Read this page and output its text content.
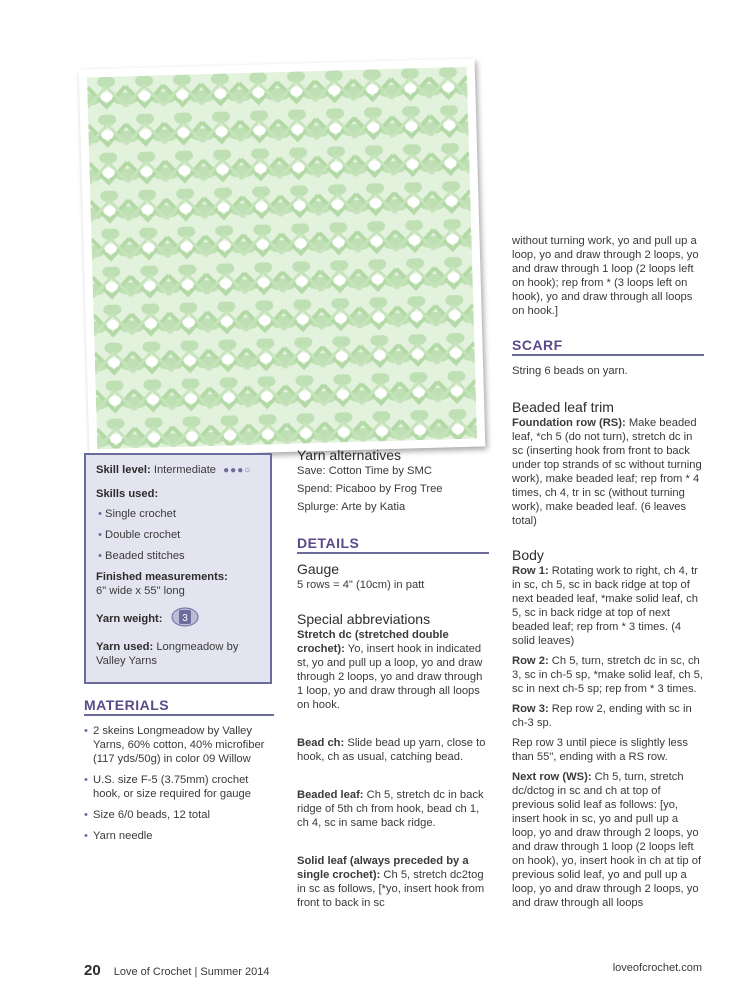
Skill level: Intermediate ●●●○
Skills used:
• Single crochet
• Double crochet
• Beaded stitches
Finished measurements:
6" wide x 55" long
Yarn weight: 3
Yarn used: Longmeadow by Valley Yarns
MATERIALS
• 2 skeins Longmeadow by Valley Yarns, 60% cotton, 40% microfiber (117 yds/50g) in color 09 Willow
• U.S. size F-5 (3.75mm) crochet hook, or size required for gauge
• Size 6/0 beads, 12 total
• Yarn needle
Yarn alternatives
Save: Cotton Time by SMC
Spend: Picaboo by Frog Tree
Splurge: Arte by Katia
DETAILS
Gauge
5 rows = 4" (10cm) in patt
Special abbreviations
Stretch dc (stretched double crochet): Yo, insert hook in indicated st, yo and pull up a loop, yo and draw through 2 loops, yo and draw through 1 loop, yo and draw through all loops on hook.
Bead ch: Slide bead up yarn, close to hook, ch as usual, catching bead.
Beaded leaf: Ch 5, stretch dc in back ridge of 5th ch from hook, bead ch 1, ch 4, sc in same back ridge.
Solid leaf (always preceded by a single crochet): Ch 5, stretch dc2tog in sc as follows, [*yo, insert hook from front to back in sc
without turning work, yo and pull up a loop, yo and draw through 2 loops, yo and draw through 1 loop (2 loops left on hook); rep from * (3 loops left on hook), yo and draw through all loops on hook.]
SCARF
String 6 beads on yarn.
Beaded leaf trim
Foundation row (RS): Make beaded leaf, *ch 5 (do not turn), stretch dc in sc (inserting hook from front to back under top strands of sc without turning work), make beaded leaf; rep from * 4 times, ch 4, tr in sc (without turning work), make beaded leaf. (6 leaves total)
Body
Row 1: Rotating work to right, ch 4, tr in sc, ch 5, sc in back ridge at top of next beaded leaf, *make solid leaf, ch 5, sc in back ridge at top of next beaded leaf; rep from * 3 times. (4 solid leaves)
Row 2: Ch 5, turn, stretch dc in sc, ch 3, sc in ch-5 sp, *make solid leaf, ch 5, sc in next ch-5 sp; rep from * 3 times.
Row 3: Rep row 2, ending with sc in ch-3 sp.
Rep row 3 until piece is slightly less than 55", ending with a RS row.
Next row (WS): Ch 5, turn, stretch dc/dctog in sc and ch at top of previous solid leaf as follows: [yo, insert hook in sc, yo and pull up a loop, yo and draw through 2 loops, yo and draw through 1 loop (2 loops left on hook), yo, insert hook in ch at tip of previous solid leaf, yo and pull up a loop, yo and draw through 2 loops, yo and draw through all loops
20 Love of Crochet | Summer 2014	loveofcrochet.com
